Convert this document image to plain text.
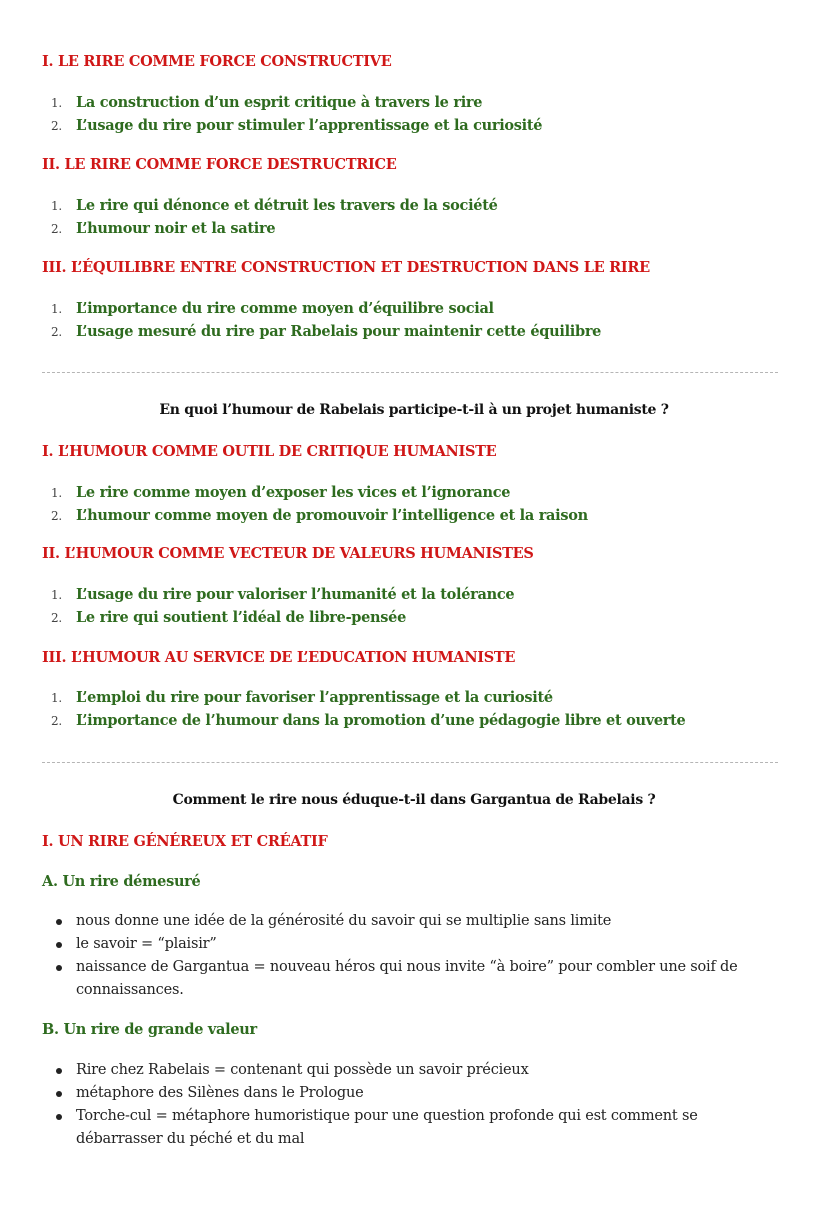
I. LE RIRE COMME FORCE CONSTRUCTIVE
1. La construction d’un esprit critique à travers le rire
2. L’usage du rire pour stimuler l’apprentissage et la curiosité
II. LE RIRE COMME FORCE DESTRUCTRICE
1. Le rire qui dénonce et détruit les travers de la société
2. L’humour noir et la satire
III. L’ÉQUILIBRE ENTRE CONSTRUCTION ET DESTRUCTION DANS LE RIRE
1. L’importance du rire comme moyen d’équilibre social
2. L’usage mesuré du rire par Rabelais pour maintenir cette équilibre
En quoi l’humour de Rabelais participe-t-il à un projet humaniste ?
I. L’HUMOUR COMME OUTIL DE CRITIQUE HUMANISTE
1. Le rire comme moyen d’exposer les vices et l’ignorance
2. L’humour comme moyen de promouvoir l’intelligence et la raison
II. L’HUMOUR COMME VECTEUR DE VALEURS HUMANISTES
1. L’usage du rire pour valoriser l’humanité et la tolérance
2. Le rire qui soutient l’idéal de libre-pensée
III. L’HUMOUR AU SERVICE DE L’EDUCATION HUMANISTE
1. L’emploi du rire pour favoriser l’apprentissage et la curiosité
2. L’importance de l’humour dans la promotion d’une pédagogie libre et ouverte
Comment le rire nous éduque-t-il dans Gargantua de Rabelais ?
I. UN RIRE GÉNÉREUX ET CRÉATIF
A. Un rire démesuré
nous donne une idée de la générosité du savoir qui se multiplie sans limite
le savoir = “plaisir”
naissance de Gargantua = nouveau héros qui nous invite “à boire” pour combler une soif de connaissances.
B. Un rire de grande valeur
Rire chez Rabelais = contenant qui possède un savoir précieux
métaphore des Silènes dans le Prologue
Torche-cul = métaphore humoristique pour une question profonde qui est comment se débarrasser du péché et du mal
